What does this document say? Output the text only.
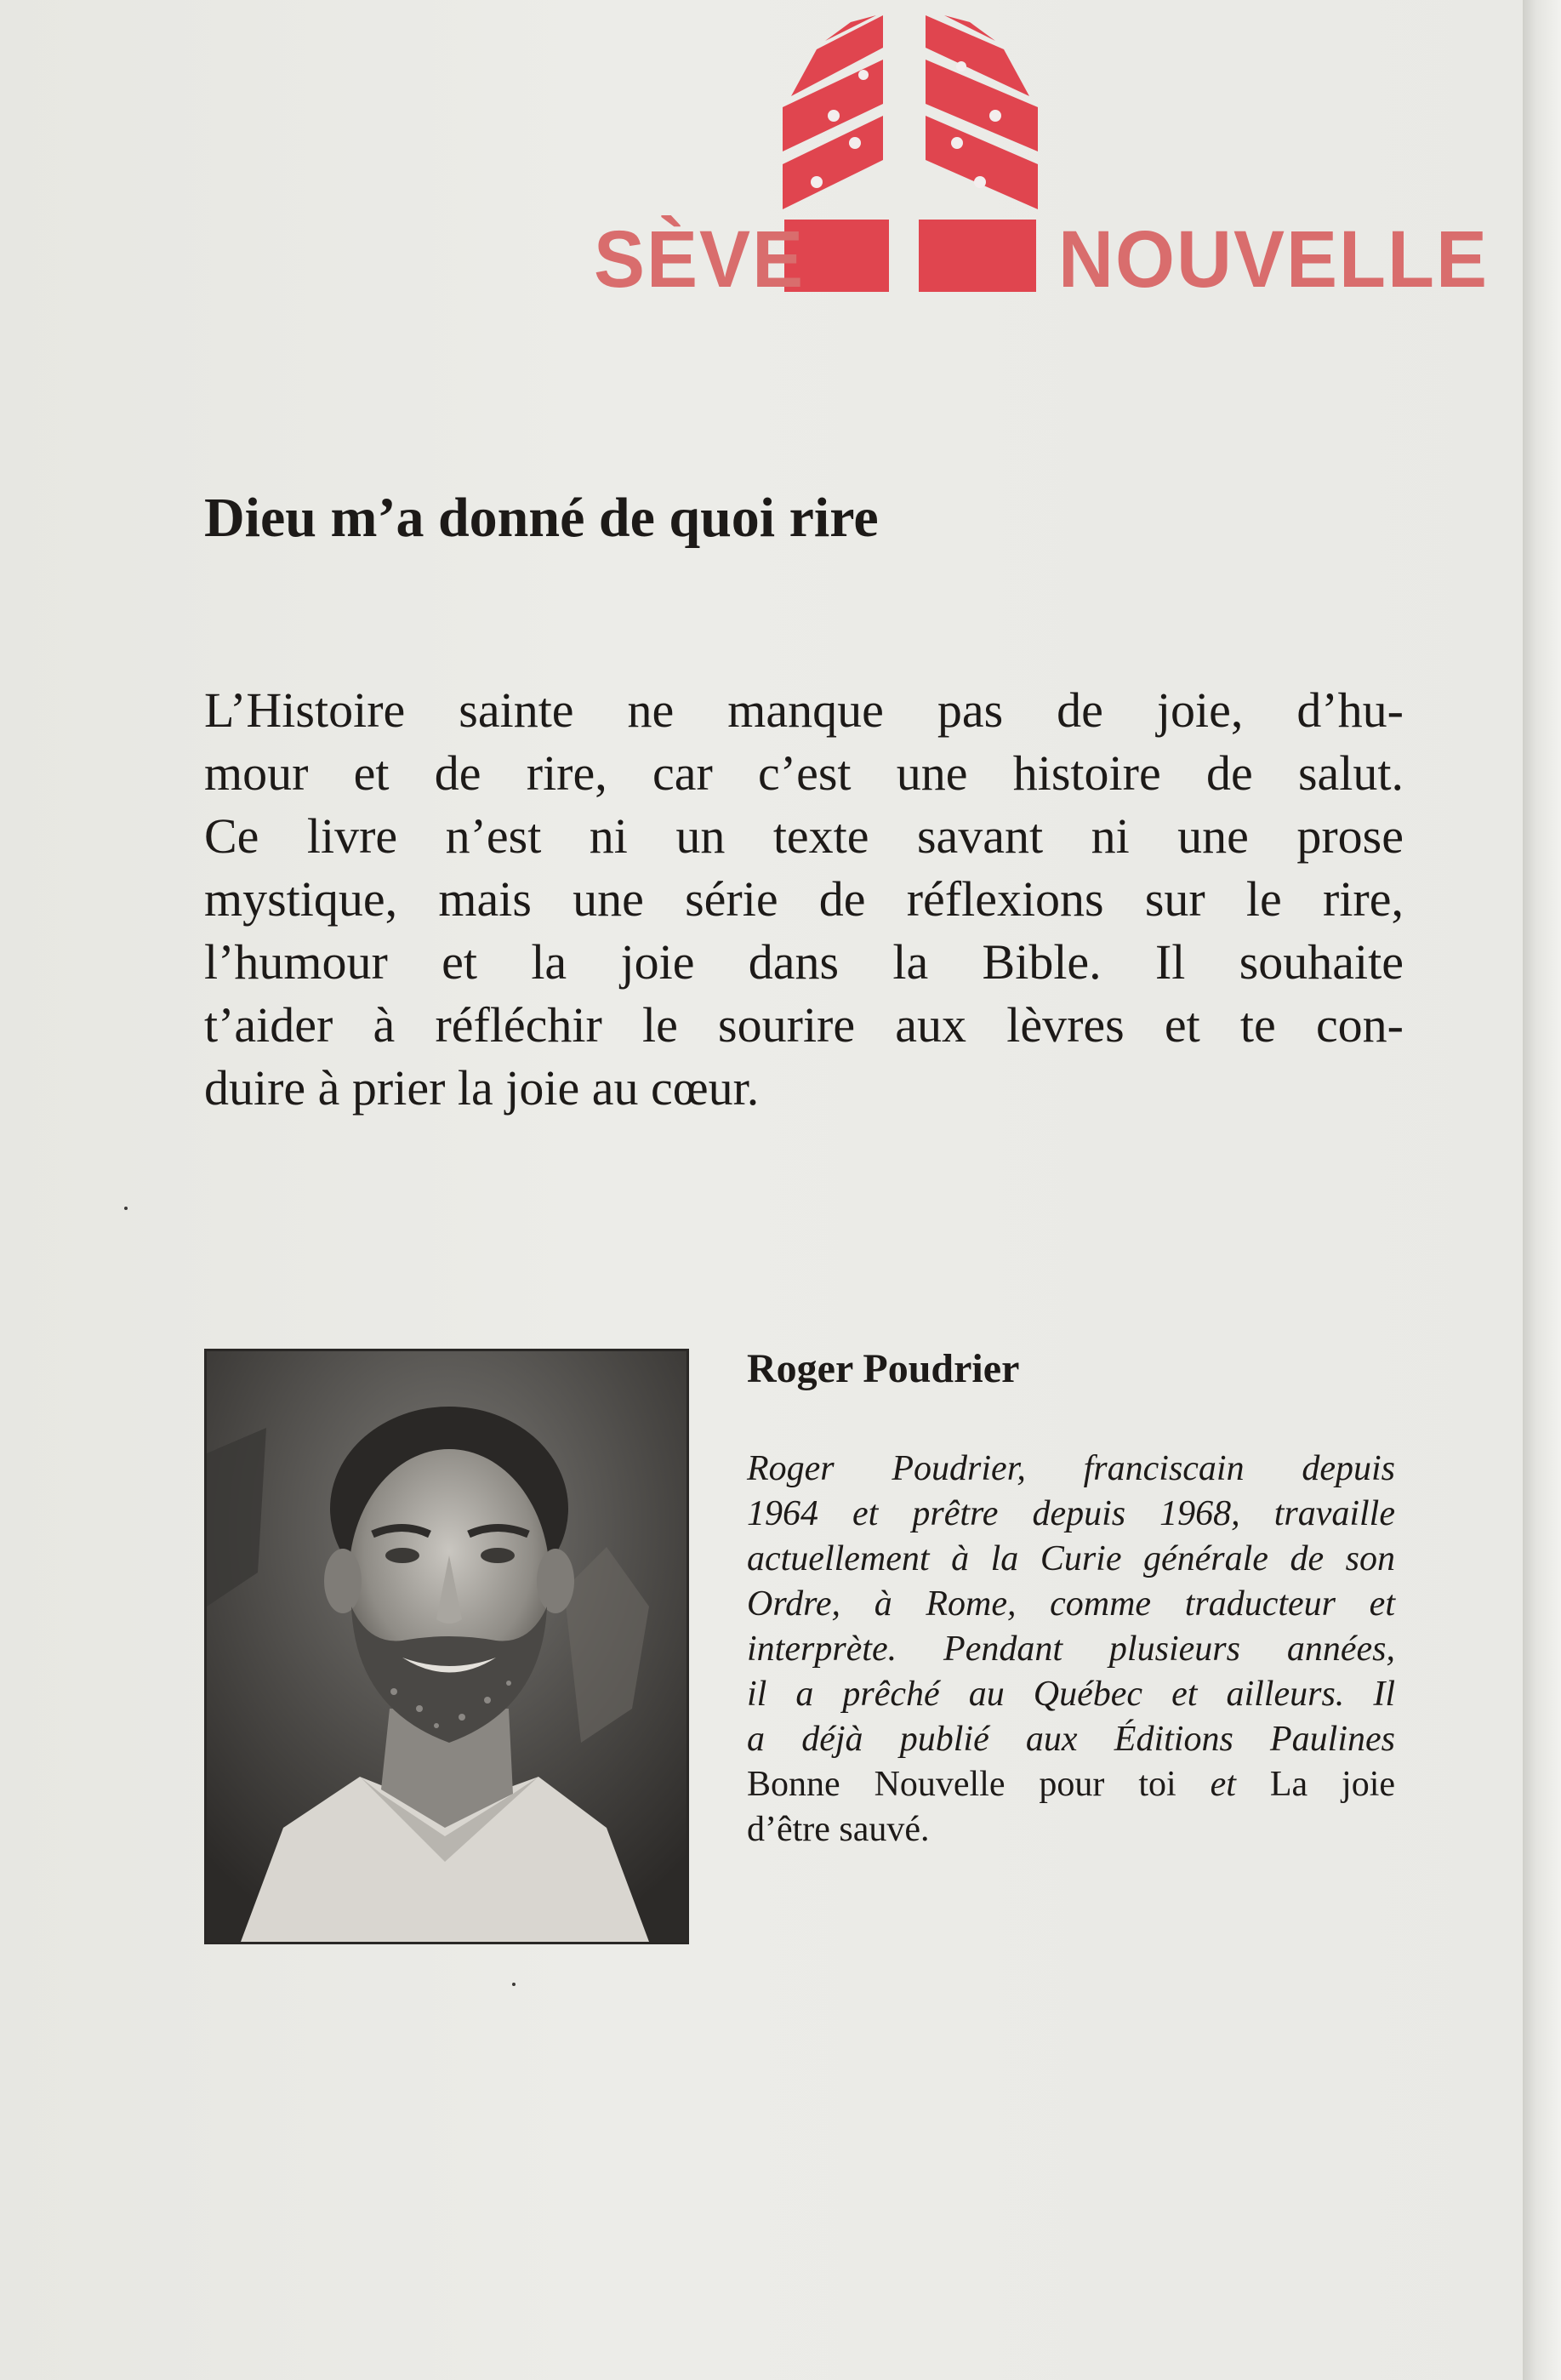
SÈVE	NOUVELLE
Dieu m’a donné de quoi rire
L’Histoire sainte ne manque pas de joie, d’hu-
mour et de rire, car c’est une histoire de salut.
Ce livre n’est ni un texte savant ni une prose
mystique, mais une série de réflexions sur le rire,
l’humour et la joie dans la Bible. Il souhaite
t’aider à réfléchir le sourire aux lèvres et te con-
duire à prier la joie au cœur.
Roger Poudrier
Roger Poudrier, franciscain depuis
1964 et prêtre depuis 1968, travaille
actuellement à la Curie générale de son
Ordre, à Rome, comme traducteur et
interprète. Pendant plusieurs années,
il a prêché au Québec et ailleurs. Il
a déjà publié aux Éditions Paulines
Bonne Nouvelle pour toi et La joie
d’être sauvé.
